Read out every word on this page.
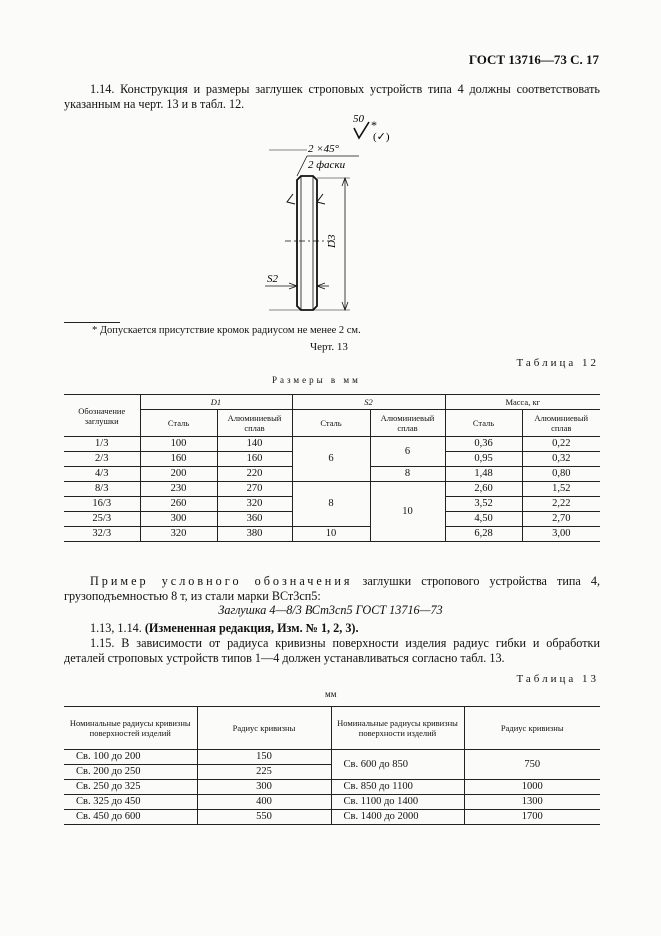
ГОСТ 13716—73 С. 17
1.14. Конструкция и размеры заглушек строповых устройств типа 4 должны соответствовать указанным на черт. 13 и в табл. 12.
50
(✓)
*
2 ×45°
2 фаски
D3
S2
* Допускается присутствие кромок радиусом не менее 2 см.
Черт. 13
Таблица 12
Размеры в мм
Обозначение заглушки	D1		S2		Масса, кг	
	Сталь	Алюминиевый сплав	Сталь	Алюминиевый сплав	Сталь	Алюминиевый сплав
1/3	100	140	6	6	0,36	0,22
2/3	160	160			0,95	0,32
4/3	200	220		8	1,48	0,80
8/3	230	270	8	10	2,60	1,52
16/3	260	320			3,52	2,22
25/3	300	360			4,50	2,70
32/3	320	380	10		6,28	3,00
Пример условного обозначения заглушки стропового устройства типа 4, грузоподъемностью 8 т, из стали марки ВСт3сп5:
Заглушка 4—8/3 ВСт3сп5 ГОСТ 13716—73
1.13, 1.14. (Измененная редакция, Изм. № 1, 2, 3).
1.15. В зависимости от радиуса кривизны поверхности изделия радиус гибки и обработки деталей строповых устройств типов 1—4 должен устанавливаться согласно табл. 13.
Таблица 13
мм
Номинальные радиусы кривизны поверхностей изделий	Радиус кривизны	Номинальные радиусы кривизны поверхности изделий	Радиус кривизны
Св. 100 до 200	150	Св. 600 до 850	750
Св. 200 до 250	225		
Св. 250 до 325	300	Св. 850 до 1100	1000
Св. 325 до 450	400	Св. 1100 до 1400	1300
Св. 450 до 600	550	Св. 1400 до 2000	1700
